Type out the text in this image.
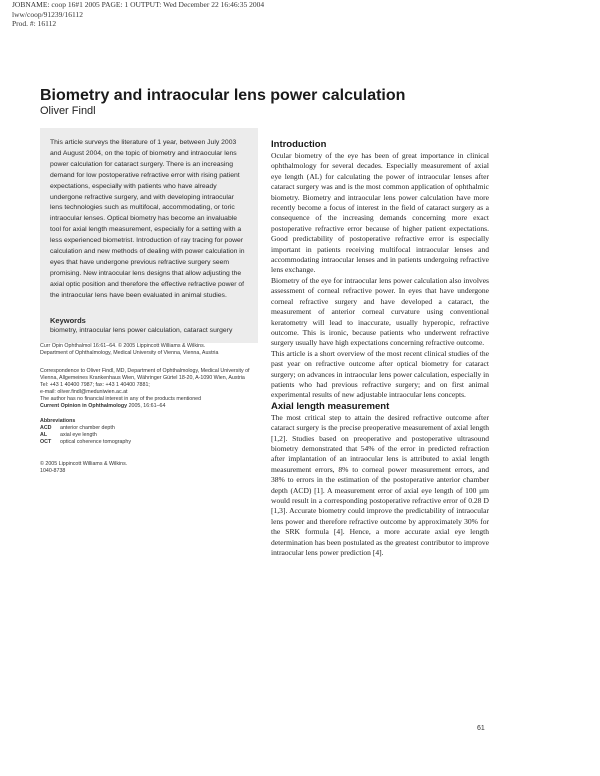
JOBNAME: coop 16#1 2005 PAGE: 1 OUTPUT: Wed December 22 16:46:35 2004
lww/coop/91239/16112
Prod. #: 16112
Biometry and intraocular lens power calculation
Oliver Findl

This article surveys the literature of 1 year, between July 2003 and August 2004, on the topic of biometry and intraocular lens power calculation for cataract surgery. There is an increasing demand for low postoperative refractive error with rising patient expectations, especially with patients who have already undergone refractive surgery, and with developing intraocular lens technologies such as multifocal, accommodating, or toric intraocular lenses. Optical biometry has become an invaluable tool for axial length measurement, especially for a setting with a less experienced biometrist. Introduction of ray tracing for power calculation and new methods of dealing with power calculation in eyes that have undergone previous refractive surgery seem promising. New intraocular lens designs that allow adjusting the axial optic position and therefore the effective refractive power of the intraocular lens have been evaluated in animal studies.

Keywords
biometry, intraocular lens power calculation, cataract surgery

Curr Opin Ophthalmol 16:61–64. © 2005 Lippincott Williams & Wilkins.

Department of Ophthalmology, Medical University of Vienna, Vienna, Austria

Correspondence to Oliver Findl, MD, Department of Ophthalmology, Medical University of Vienna, Allgemeines Krankenhaus Wien, Währinger Gürtel 18-20, A-1090 Wien, Austria

Tel: +43 1 40400 7987; fax: +43 1 40400 7881;

e-mail: oliver.findl@meduniwien.ac.at

The author has no financial interest in any of the products mentioned

Current Opinion in Ophthalmology 2005, 16:61–64

Abbreviations
ACD	anterior chamber depth
AL	axial eye length
OCT	optical coherence tomography

© 2005 Lippincott Williams & Wilkins.

1040-8738

Introduction

Ocular biometry of the eye has been of great importance in clinical ophthalmology for several decades. Especially measurement of axial eye length (AL) for calculating the power of intraocular lenses after cataract surgery was and is the most common application of ophthalmic biometry. Biometry and intraocular lens power calculation have more recently become a focus of interest in the field of cataract surgery as a consequence of the increasing demands concerning more exact postoperative refractive error because of higher patient expectations. Good predictability of postoperative refractive error is especially important in patients receiving multifocal intraocular lenses and accommodating intraocular lenses and in patients undergoing refractive lens exchange.

Biometry of the eye for intraocular lens power calculation also involves assessment of corneal refractive power. In eyes that have undergone corneal refractive surgery and have developed a cataract, the measurement of anterior corneal curvature using conventional keratometry will lead to inaccurate, usually hyperopic, refractive outcome. This is ironic, because patients who underwent refractive surgery usually have high expectations concerning refractive outcome.

This article is a short overview of the most recent clinical studies of the past year on refractive outcome after optical biometry for cataract surgery; on advances in intraocular lens power calculation, especially in patients who had previous refractive surgery; and on first animal experimental results of new adjustable intraocular lens concepts.

Axial length measurement

The most critical step to attain the desired refractive outcome after cataract surgery is the precise preoperative measurement of axial length [1,2]. Studies based on preoperative and postoperative ultrasound biometry demonstrated that 54% of the error in predicted refraction after implantation of an intraocular lens is attributed to axial length measurement errors, 8% to corneal power measurement errors, and 38% to errors in the estimation of the postoperative anterior chamber depth (ACD) [1]. A measurement error of axial eye length of 100 μm would result in a corresponding postoperative refractive error of 0.28 D [1,3]. Accurate biometry could improve the predictability of intraocular lens power and therefore refractive outcome by approximately 30% for the SRK formula [4]. Hence, a more accurate axial eye length determination has been postulated as the greatest contributor to improve intraocular lens power prediction [4].

61
